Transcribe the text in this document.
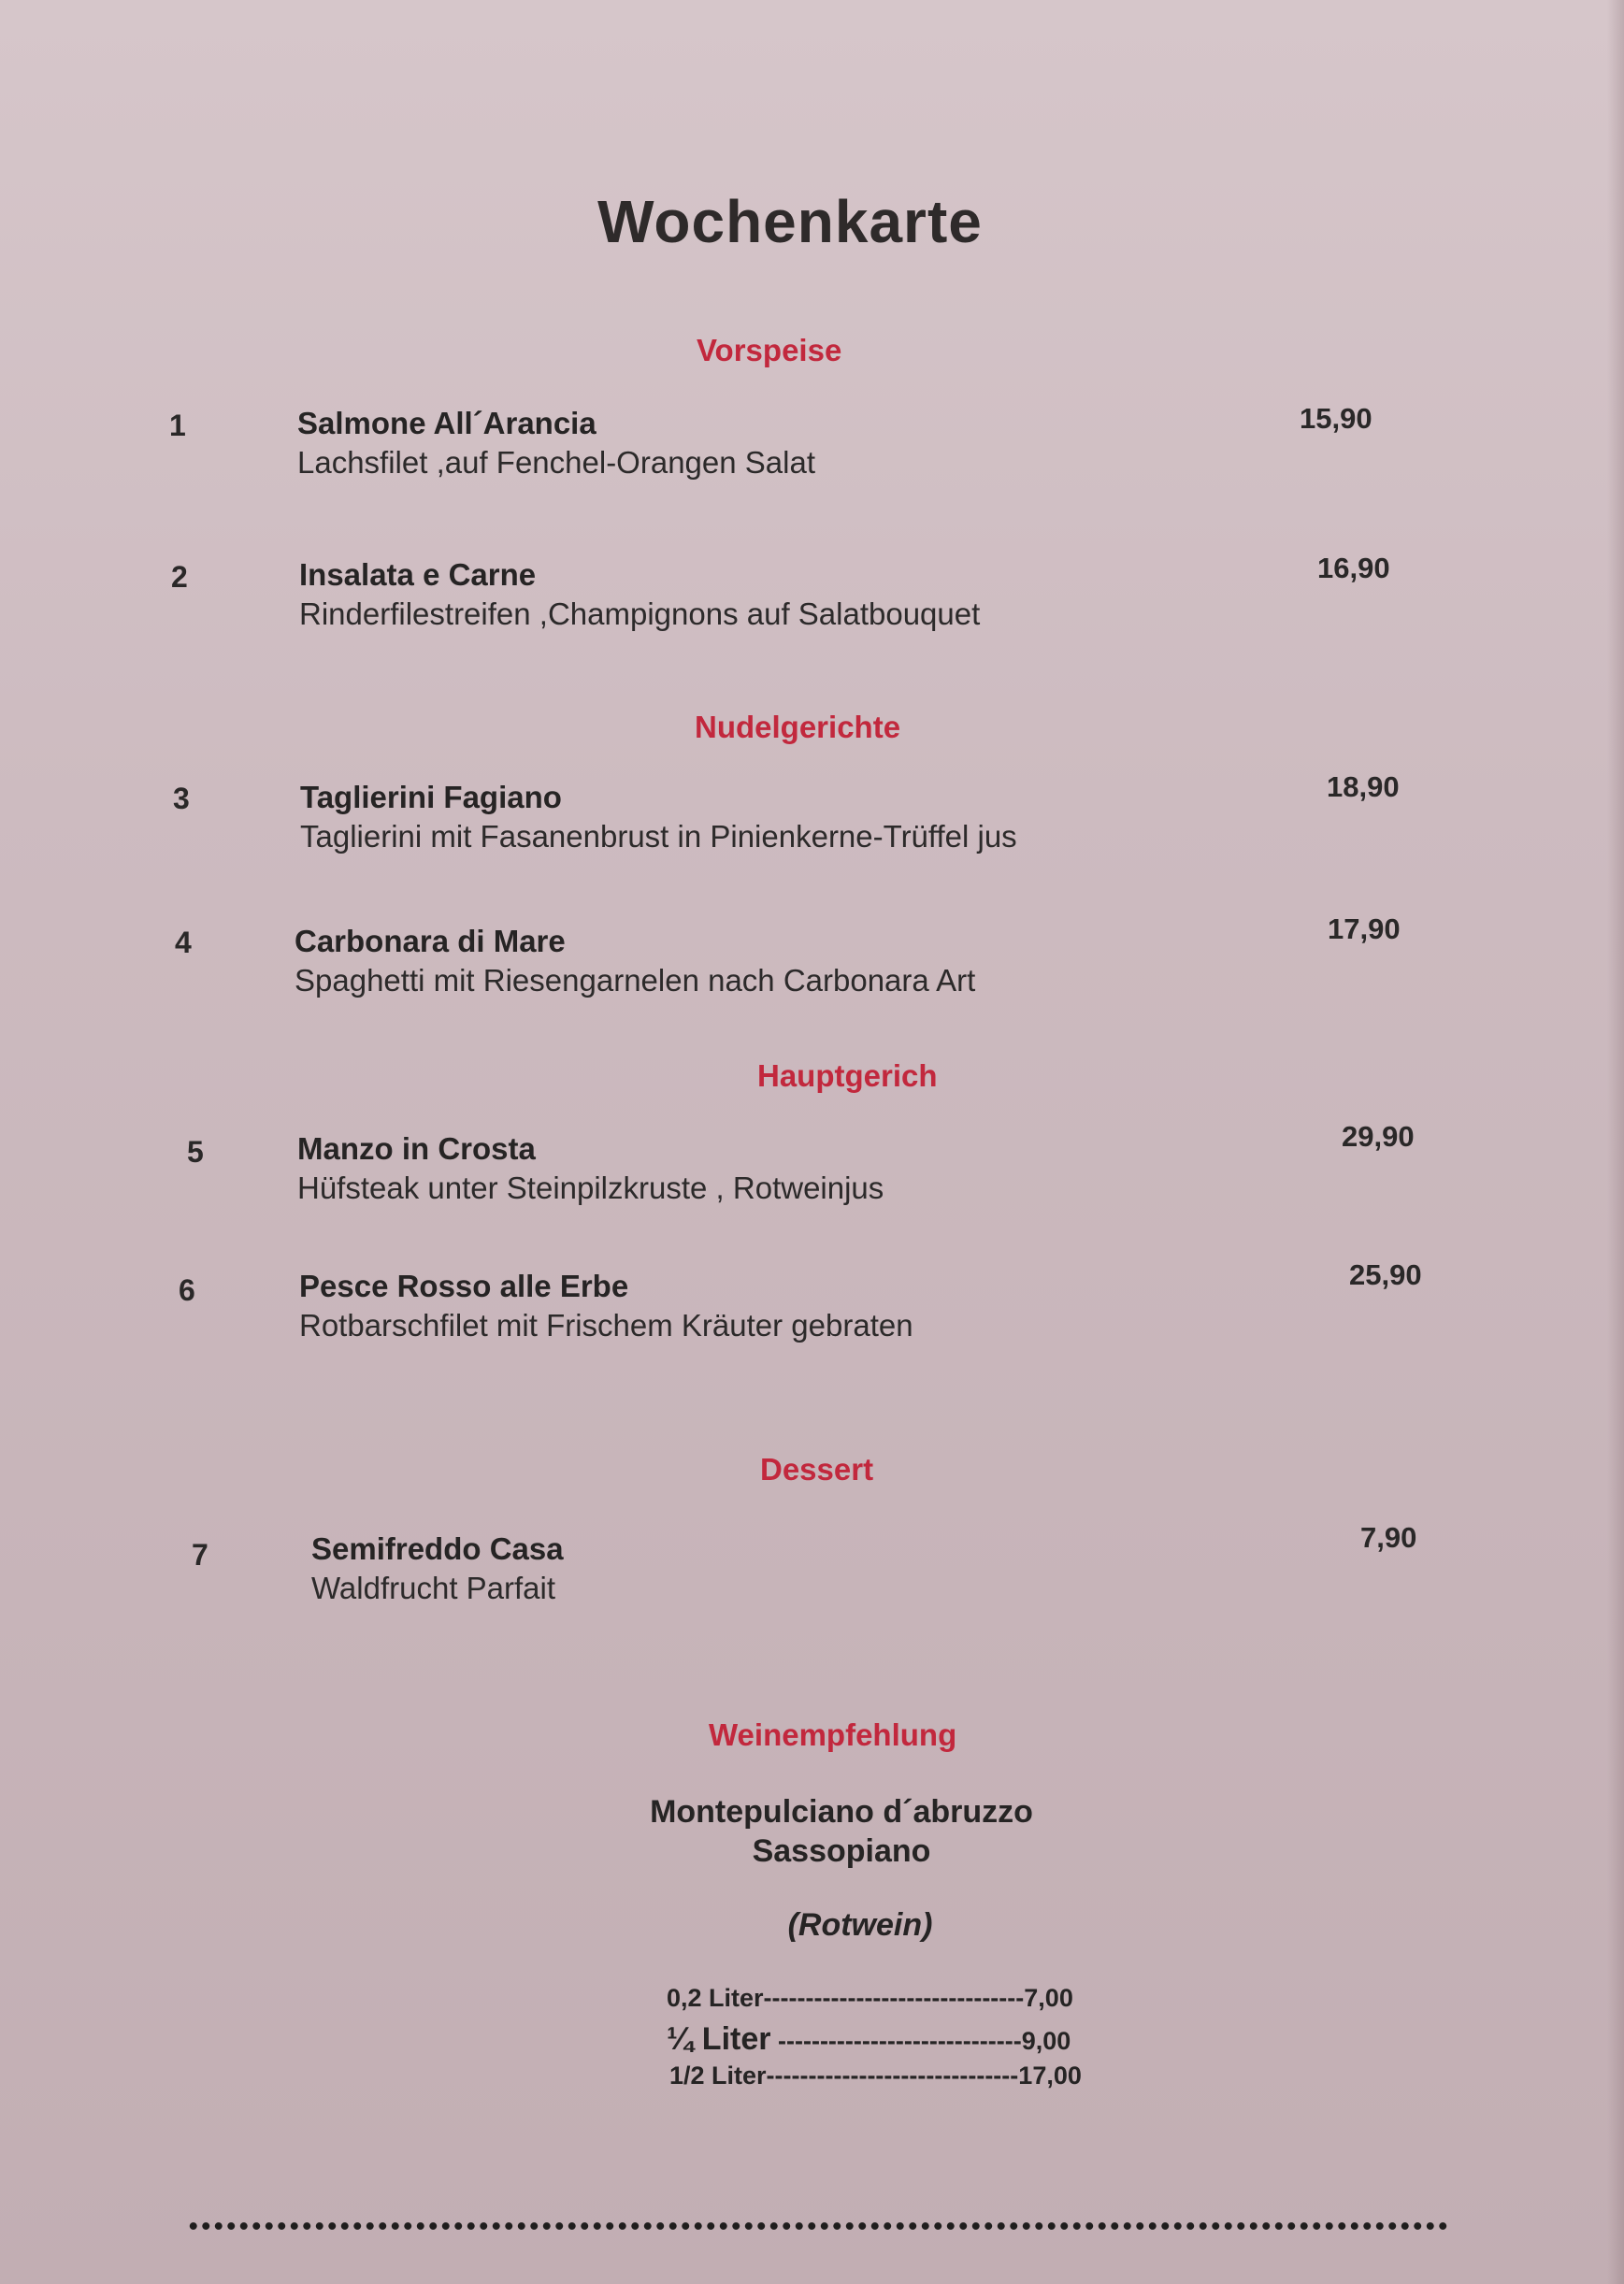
Wochenkarte
Vorspeise
1	Salmone All´Arancia
Lachsfilet ,auf Fenchel-Orangen Salat
15,90
2	Insalata e Carne
Rinderfilestreifen ,Champignons auf Salatbouquet
16,90
Nudelgerichte
3	Taglierini Fagiano
Taglierini mit Fasanenbrust in Pinienkerne-Trüffel jus
18,90
4	Carbonara di Mare
Spaghetti mit Riesengarnelen nach Carbonara Art
17,90
Hauptgerich
5	Manzo in Crosta
Hüfsteak unter Steinpilzkruste , Rotweinjus
29,90
6	Pesce Rosso alle Erbe
Rotbarschfilet mit Frischem Kräuter gebraten
25,90
Dessert
7	Semifreddo Casa
Waldfrucht Parfait
7,90
Weinempfehlung
Montepulciano d´abruzzo
Sassopiano
(Rotwein)
0,2 Liter-------------------------------7,00
¼ Liter -----------------------------9,00
1/2 Liter------------------------------17,00
